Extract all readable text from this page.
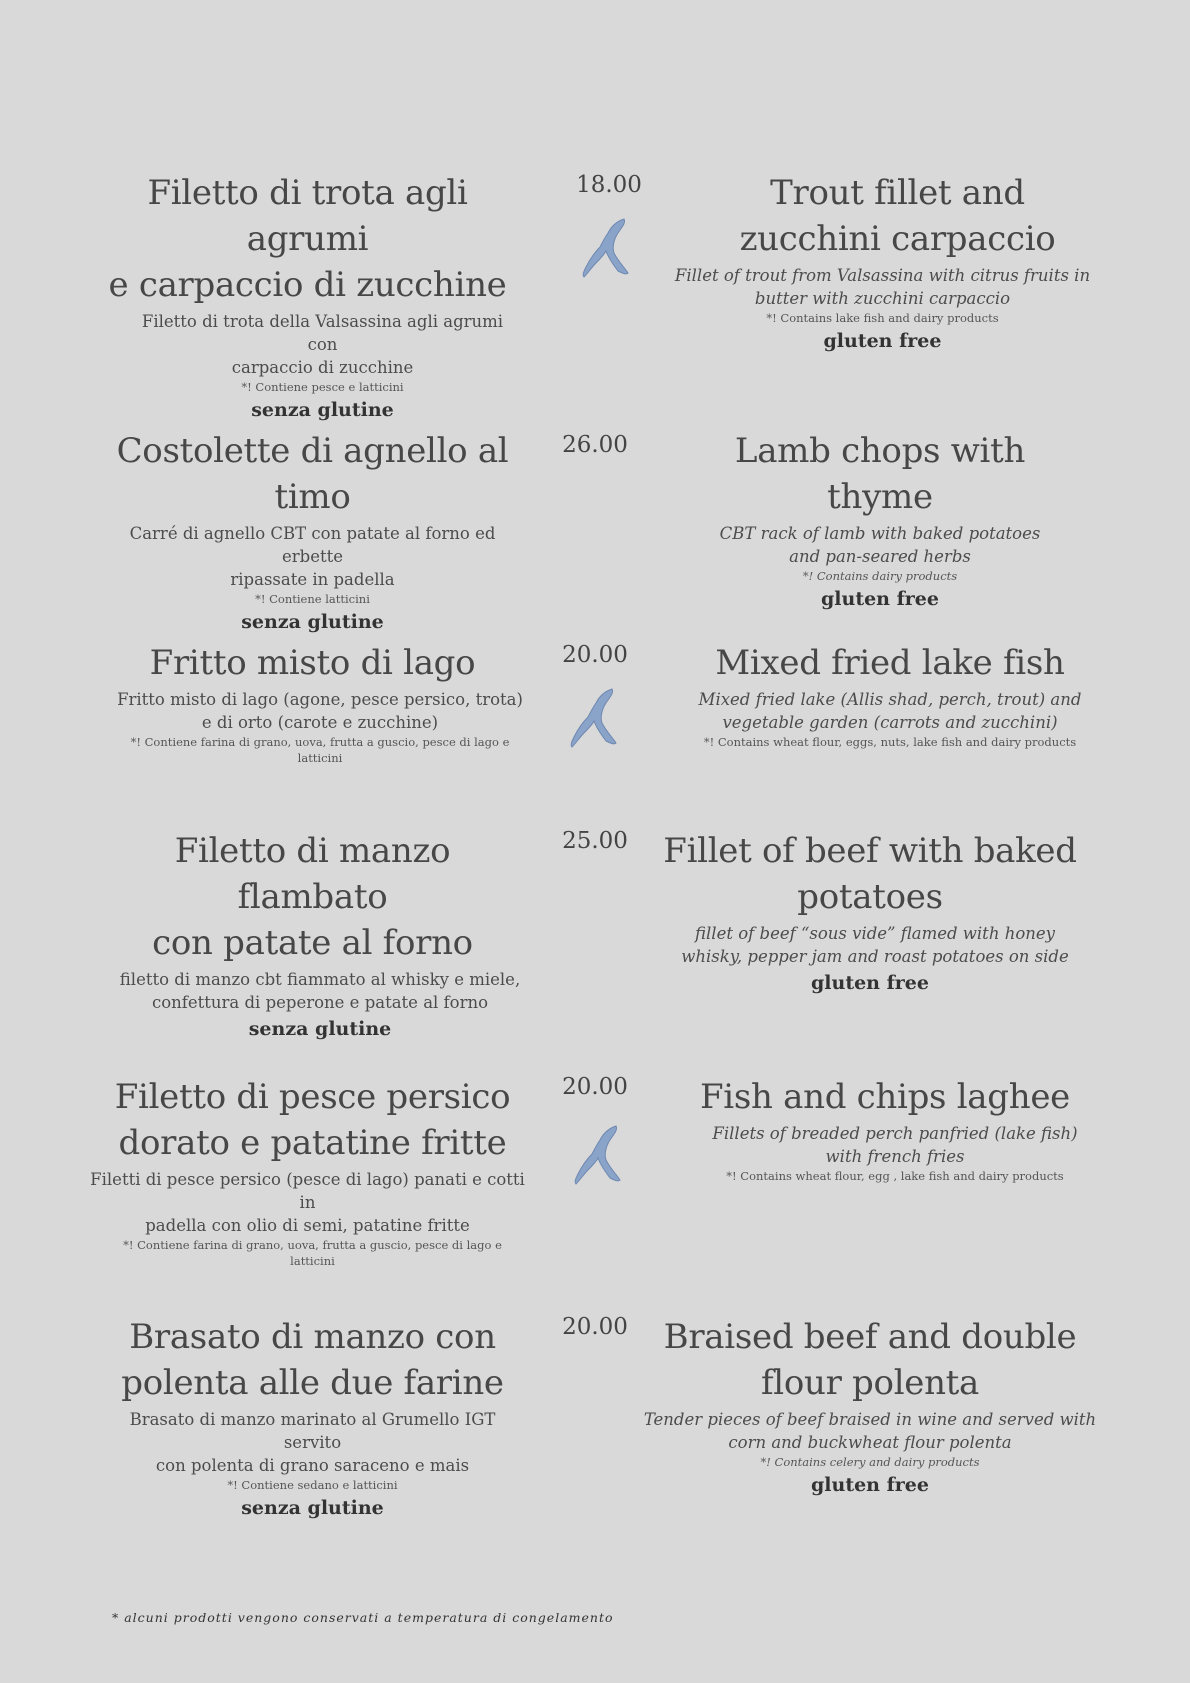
Filetto di trota agli agrumi
e carpaccio di zucchine
Filetto di trota della Valsassina agli agrumi con
carpaccio di zucchine
*! Contiene pesce e latticini
senza glutine
18.00	Trout fillet and
zucchini carpaccio
Fillet of trout from Valsassina with citrus fruits in
butter with zucchini carpaccio
*! Contains lake fish and dairy products
gluten free
Costolette di agnello al timo
Carré di agnello CBT con patate al forno ed erbette
ripassate in padella
*! Contiene latticini
senza glutine
26.00	Lamb chops with thyme
CBT rack of lamb with baked potatoes
and pan-seared herbs
*! Contains dairy products
gluten free
Fritto misto di lago
Fritto misto di lago (agone, pesce persico, trota)
e di orto (carote e zucchine)
*! Contiene farina di grano, uova, frutta a guscio, pesce di lago e latticini
20.00	Mixed fried lake fish
Mixed fried lake (Allis shad, perch, trout) and
vegetable garden (carrots and zucchini)
*! Contains wheat flour, eggs, nuts, lake fish and dairy products
Filetto di manzo flambato
con patate al forno
filetto di manzo cbt fiammato al whisky e miele,
confettura di peperone e patate al forno
senza glutine
25.00	Fillet of beef with baked
potatoes
fillet of beef “sous vide” flamed with honey
whisky, pepper jam and roast potatoes on side
gluten free
Filetto di pesce persico
dorato e patatine fritte
Filetti di pesce persico (pesce di lago) panati e cotti in
padella con olio di semi, patatine fritte
*! Contiene farina di grano, uova, frutta a guscio, pesce di lago e latticini
20.00	Fish and chips laghee
Fillets of breaded perch panfried (lake fish)
with french fries
*! Contains wheat flour, egg , lake fish and dairy products
Brasato di manzo con
polenta alle due farine
Brasato di manzo marinato al Grumello IGT servito
con polenta di grano saraceno e mais
*! Contiene sedano e latticini
senza glutine
20.00	Braised beef and double
flour polenta
Tender pieces of beef braised in wine and served with
corn and buckwheat flour polenta
*! Contains celery and dairy products
gluten free
* alcuni prodotti vengono conservati a temperatura di congelamento
